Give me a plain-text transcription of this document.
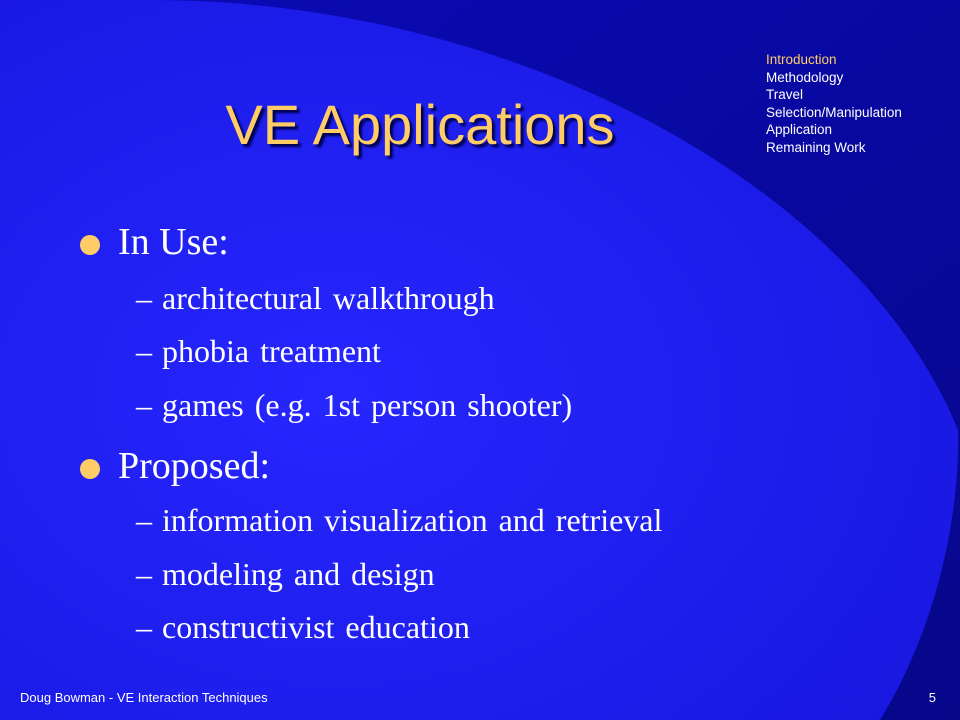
VE Applications
Introduction
Methodology
Travel
Selection/Manipulation
Application
Remaining Work
In Use:
– architectural walkthrough
– phobia treatment
– games (e.g. 1st person shooter)
Proposed:
– information visualization and retrieval
– modeling and design
– constructivist education
Doug Bowman - VE Interaction Techniques	5
